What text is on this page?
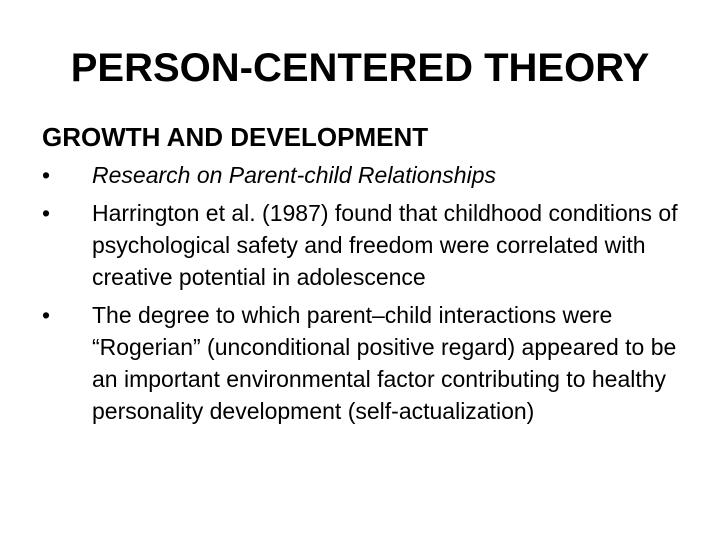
PERSON-CENTERED THEORY
GROWTH AND DEVELOPMENT
•	Research on Parent-child Relationships
•	Harrington et al. (1987) found that childhood conditions of psychological safety and freedom were correlated with creative potential in adolescence
•	The degree to which parent–child interactions were “Rogerian” (unconditional positive regard) appeared to be an important environmental factor contributing to healthy personality development (self-actualization)
